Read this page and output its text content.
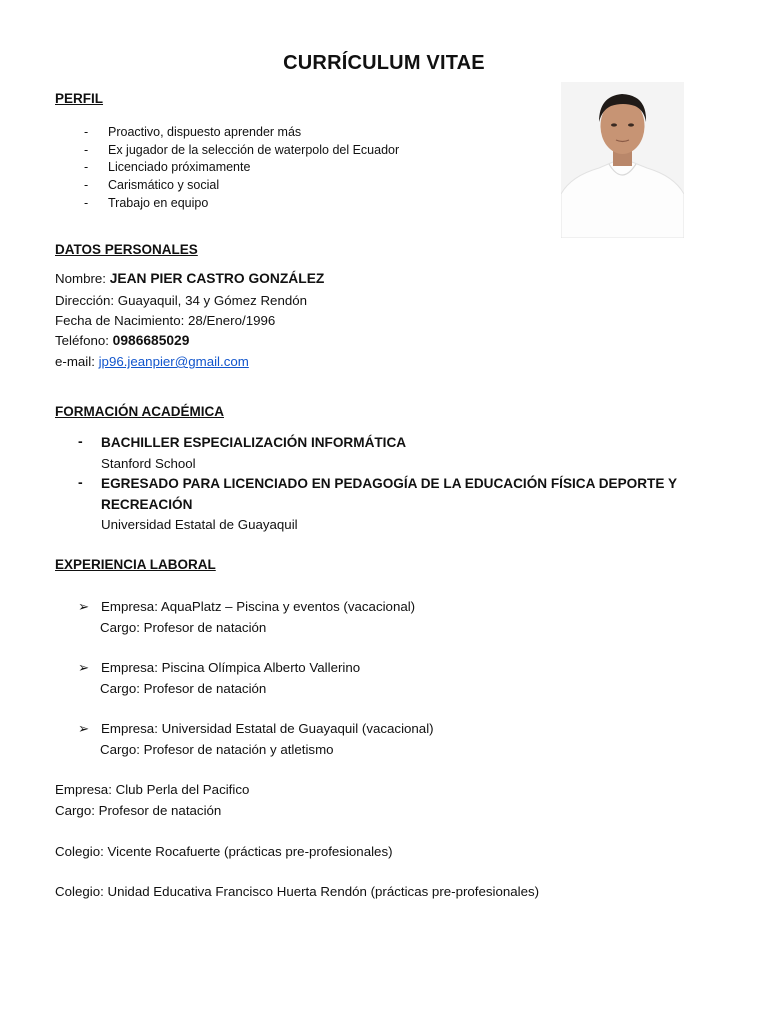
CURRÍCULUM VITAE
PERFIL
- Proactivo, dispuesto aprender más
- Ex jugador de la selección de waterpolo del Ecuador
- Licenciado próximamente
- Carismático y social
- Trabajo en equipo
DATOS PERSONALES
Nombre: JEAN PIER CASTRO GONZÁLEZ
Dirección: Guayaquil, 34 y Gómez Rendón
Fecha de Nacimiento: 28/Enero/1996
Teléfono: 0986685029
e-mail: jp96.jeanpier@gmail.com
FORMACIÓN ACADÉMICA
- BACHILLER ESPECIALIZACIÓN INFORMÁTICA
Stanford School
- EGRESADO PARA LICENCIADO EN PEDAGOGÍA DE LA EDUCACIÓN FÍSICA DEPORTE Y RECREACIÓN
Universidad Estatal de Guayaquil
EXPERIENCIA LABORAL
➢ Empresa: AquaPlatz – Piscina y eventos (vacacional)
Cargo: Profesor de natación
➢ Empresa: Piscina Olímpica Alberto Vallerino
Cargo: Profesor de natación
➢ Empresa: Universidad Estatal de Guayaquil (vacacional)
Cargo: Profesor de natación y atletismo
Empresa: Club Perla del Pacifico
Cargo: Profesor de natación
Colegio: Vicente Rocafuerte (prácticas pre-profesionales)
Colegio: Unidad Educativa Francisco Huerta Rendón (prácticas pre-profesionales)
